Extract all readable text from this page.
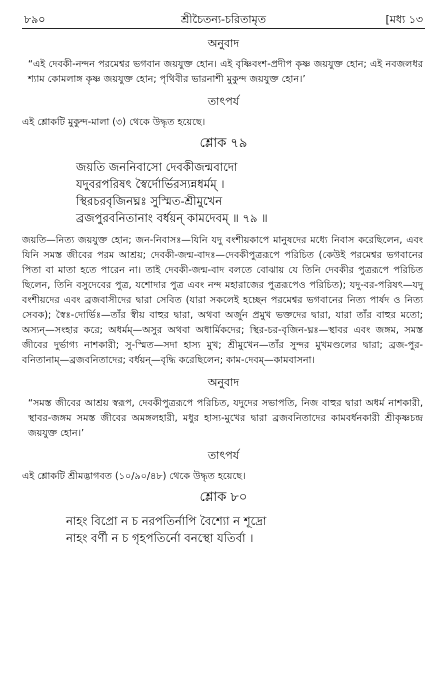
৮৯০	শ্রীচৈতন্য-চরিতামৃত	[মধ্য ১৩
অনুবাদ
“এই দেবকী-নন্দন পরমেশ্বর ভগবান জয়যুক্ত হোন। এই বৃষ্ণিবংশ-প্রদীপ কৃষ্ণ জয়যুক্ত হোন; এই নবজলধর শ্যাম কোমলাঙ্গ কৃষ্ণ জয়যুক্ত হোন; পৃথিবীর ভারনাশী মুকুন্দ জয়যুক্ত হোন।’
তাৎপর্য
এই শ্লোকটি মুকুন্দ-মালা (৩) থেকে উদ্ধৃত হয়েছে।
শ্লোক ৭৯
জয়তি জননিবাসো দেবকীজন্মবাদো
যদুবরপরিষৎ স্বৈর্দোর্ভিরস্যন্নধর্মম্ ।
স্থিরচরবৃজিনঘ্নঃ সুস্মিত-শ্রীমুখেন
ব্রজপুরবনিতানাং বর্ধয়ন্ কামদেবম্ ॥ ৭৯ ॥
জয়তি—নিত্য জয়যুক্ত হোন; জন-নিবাসঃ—যিনি যদু বংশীয়কাপে মানুষদের মধ্যে নিবাস করেছিলেন, এবং যিনি সমস্ত জীবের পরম আশ্রয়; দেবকী-জন্ম-বাদঃ—দেবকীপুত্ররূপে পরিচিত (কেউই পরমেশ্বর ভগবানের পিতা বা মাতা হতে পারেন না। তাই দেবকী-জন্ম-বাদ বলতে বোঝায় যে তিনি দেবকীর পুত্ররূপে পরিচিত ছিলেন, তিনি বসুদেবের পুত্র, যশোদার পুত্র এবং নন্দ মহারাজের পুত্ররূপেও পরিচিত); যদু-বর-পরিষৎ—যদু বংশীয়দের এবং ব্রজবাসীদের দ্বারা সেবিত (যারা সকলেই হচ্ছেন পরমেশ্বর ভগবানের নিত্য পার্ষদ ও নিত্য সেবক); স্বৈঃ-দোর্ভিঃ—তাঁর স্বীয় বাহুর দ্বারা, অথবা অর্জুন প্রমুখ ভক্তদের দ্বারা, যারা তাঁর বাহুর মতো; অস্যন্—সংহার করে; অধর্মম্—অসুর অথবা অধার্মিকদের; স্থির-চর-বৃজিন-ঘ্নঃ—স্থাবর এবং জঙ্গম, সমস্ত জীবের দুর্ভাগ্য নাশকারী; সু-স্মিত—সদা হাস্য মুখ; শ্রীমুখেন—তাঁর সুন্দর মুখমণ্ডলের দ্বারা; ব্রজ-পুর-বনিতানাম্—ব্রজবনিতাদের; বর্ধয়ন্—বৃদ্ধি করেছিলেন; কাম-দেবম্—কামবাসনা।
অনুবাদ
“সমস্ত জীবের আশ্রয় স্বরূপ, দেবকীপুত্ররূপে পরিচিত, যদুদের সভাপতি, নিজ বাহুর দ্বারা অধর্ম নাশকারী, স্থাবর-জঙ্গম সমস্ত জীবের অমঙ্গলহারী, মধুর হাস্য-মুখের দ্বারা ব্রজবনিতাদের কামবর্ধনকারী শ্রীকৃষ্ণচন্দ্র জয়যুক্ত হোন।’
তাৎপর্য
এই শ্লোকটি শ্রীমদ্ভাগবত (১০/৯০/৪৮) থেকে উদ্ধৃত হয়েছে।
শ্লোক ৮০
নাহং বিপ্রো ন চ নরপতির্নাপি বৈশ্যো ন শূদ্রো
নাহং বর্ণী ন চ গৃহপতির্নো বনস্থো যতির্বা ।
